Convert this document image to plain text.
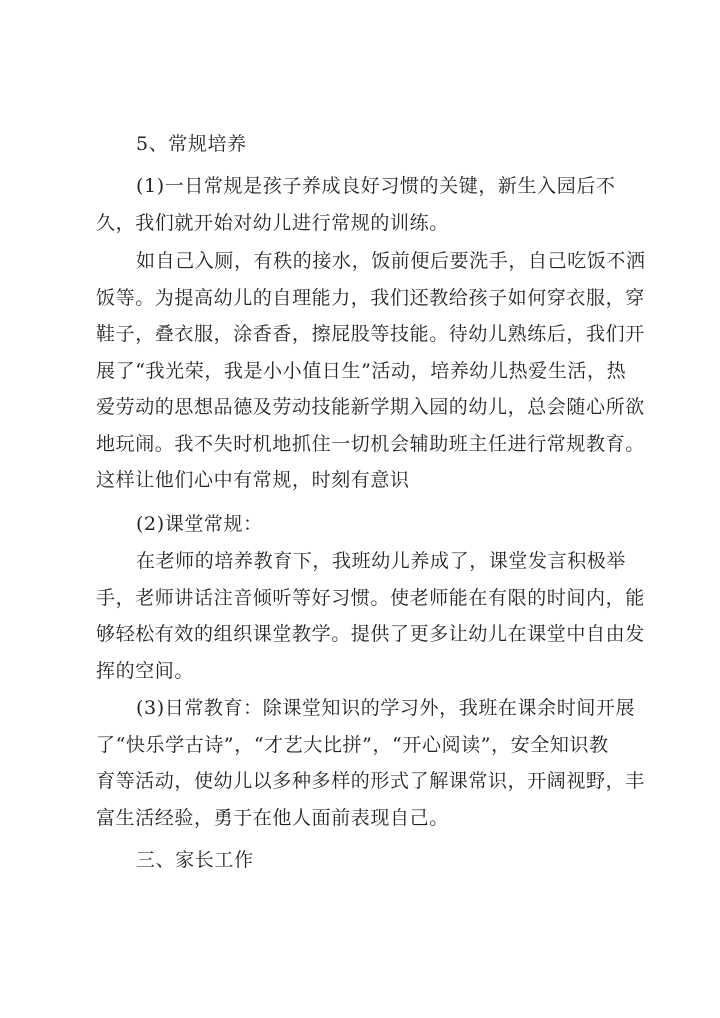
5、常规培养
(1)一日常规是孩子养成良好习惯的关键，新生入园后不
久，我们就开始对幼儿进行常规的训练。
如自己入厕，有秩的接水，饭前便后要洗手，自己吃饭不洒
饭等。为提高幼儿的自理能力，我们还教给孩子如何穿衣服，穿
鞋子，叠衣服，涂香香，擦屁股等技能。待幼儿熟练后，我们开
展了“我光荣，我是小小值日生”活动，培养幼儿热爱生活，热
爱劳动的思想品德及劳动技能新学期入园的幼儿，总会随心所欲
地玩闹。我不失时机地抓住一切机会辅助班主任进行常规教育。
这样让他们心中有常规，时刻有意识
(2)课堂常规：
在老师的培养教育下，我班幼儿养成了，课堂发言积极举
手，老师讲话注音倾听等好习惯。使老师能在有限的时间内，能
够轻松有效的组织课堂教学。提供了更多让幼儿在课堂中自由发
挥的空间。
(3)日常教育：除课堂知识的学习外，我班在课余时间开展
了“快乐学古诗”，“才艺大比拼”，“开心阅读”，安全知识教
育等活动，使幼儿以多种多样的形式了解课常识，开阔视野，丰
富生活经验，勇于在他人面前表现自己。
三、家长工作
